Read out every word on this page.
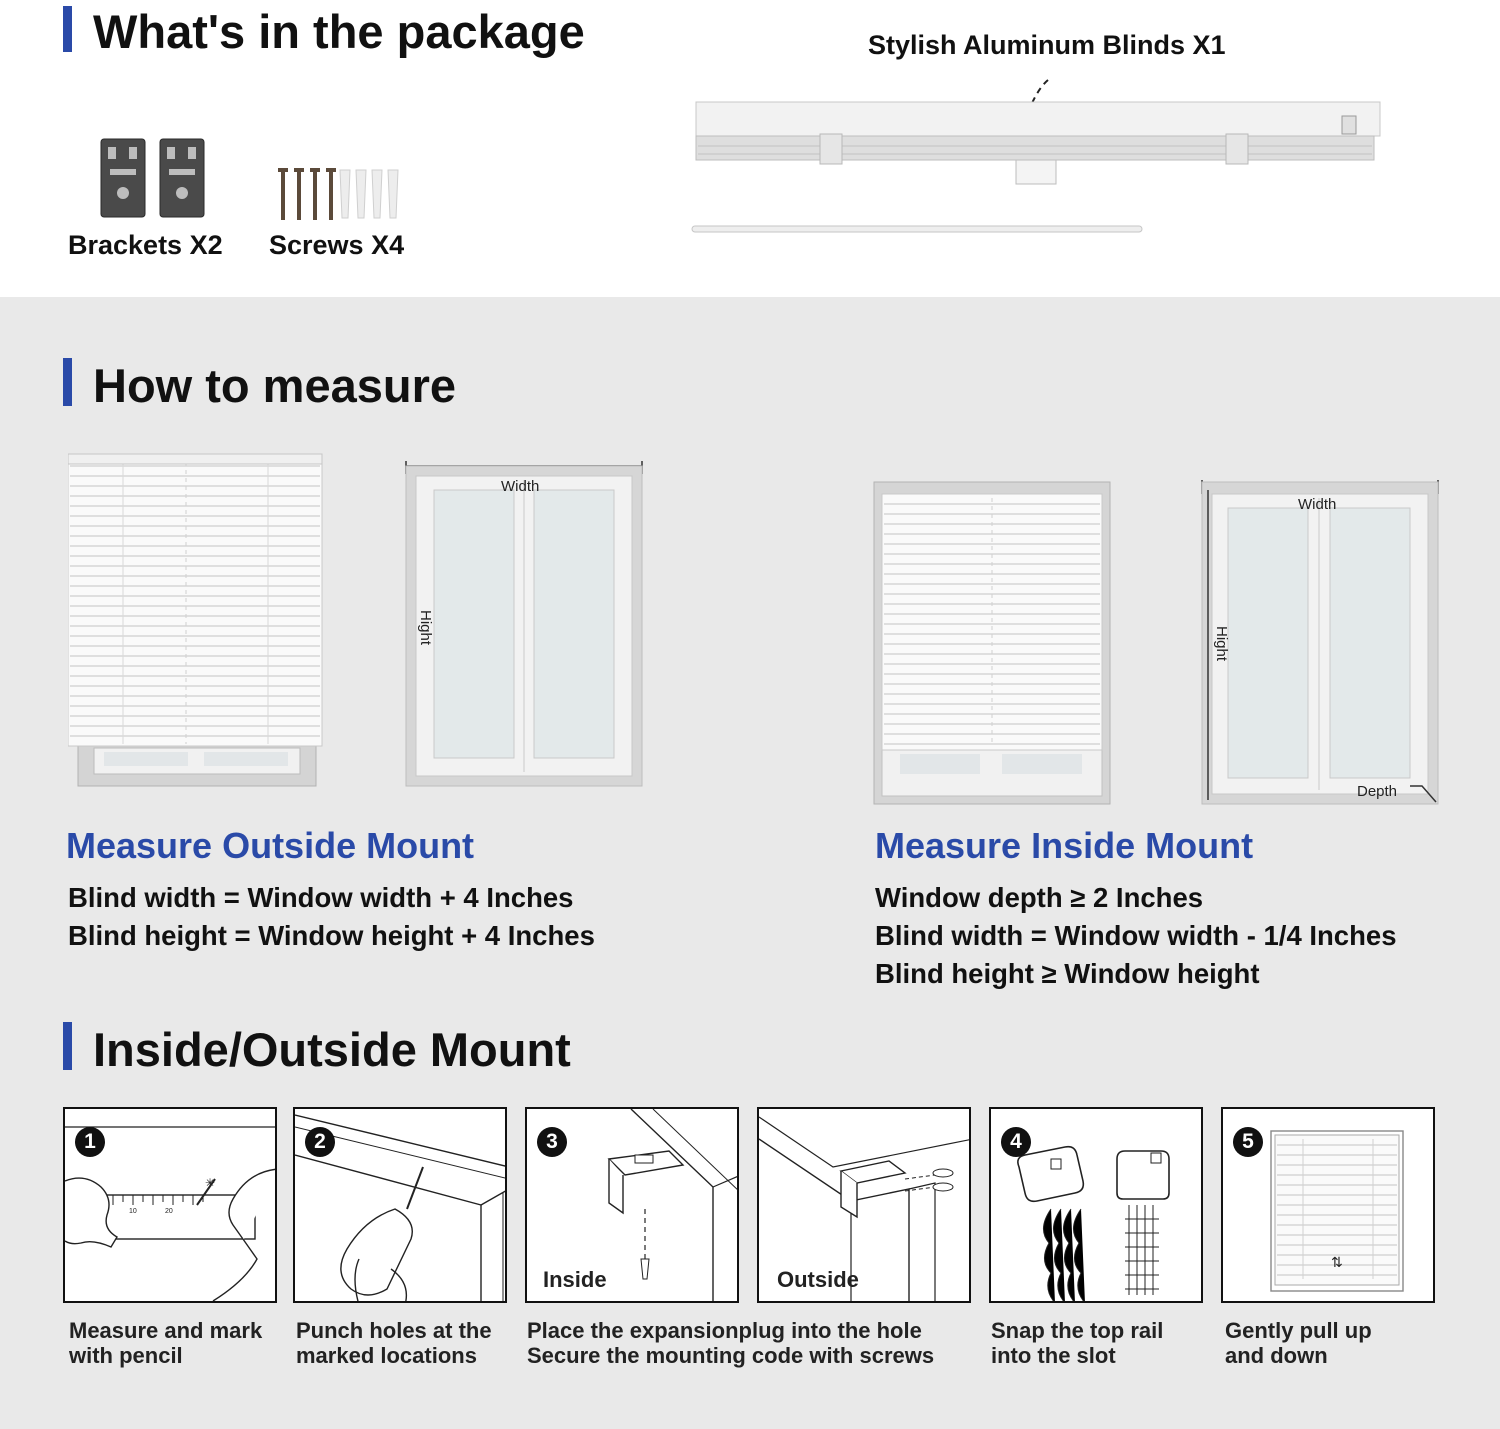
What's in the package
Brackets X2 Screws X4
Stylish Aluminum Blinds X1
How to measure
Width
Hight
Width
Hight
Depth
Measure Outside Mount
Blind width = Window width + 4 Inches
Blind height = Window height + 4 Inches
Measure Inside Mount
Window depth ≥ 2 Inches
Blind width = Window width - 1/4 Inches
Blind height ≥ Window height
Inside/Outside Mount
10	20
✳
1
Measure and mark
with pencil
2
Punch holes at the
marked locations
3
Inside	Outside
Place the expansionplug into the hole
Secure the mounting code with screws
4
Snap the top rail
into the slot
⇅
5
Gently pull up
and down
